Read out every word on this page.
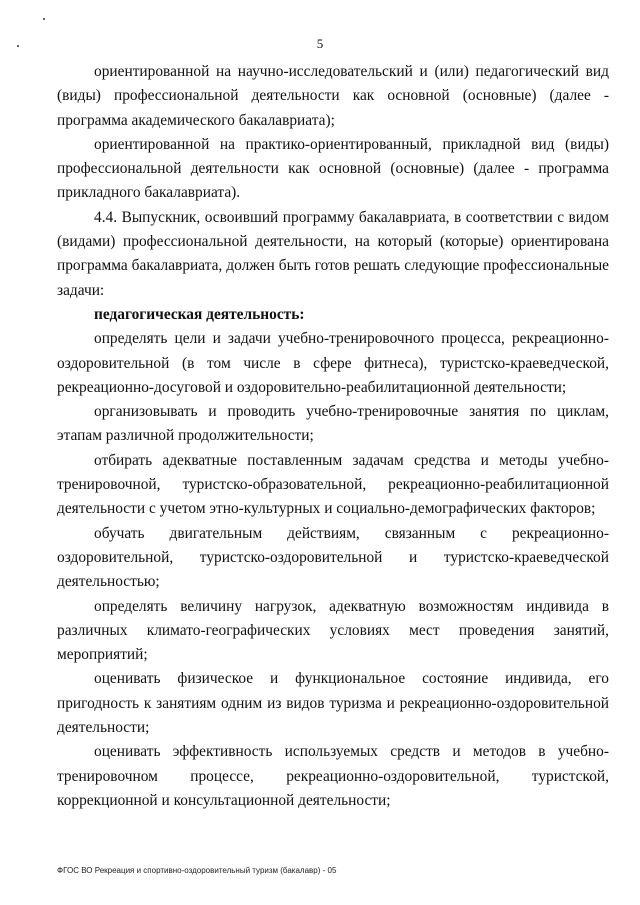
5

ориентированной на научно-исследовательский и (или) педагогический вид (виды) профессиональной деятельности как основной (основные) (далее - программа академического бакалавриата);

ориентированной на практико-ориентированный, прикладной вид (виды) профессиональной деятельности как основной (основные) (далее - программа прикладного бакалавриата).

4.4. Выпускник, освоивший программу бакалавриата, в соответствии с видом (видами) профессиональной деятельности, на который (которые) ориентирована программа бакалавриата, должен быть готов решать следующие профессиональные задачи:

педагогическая деятельность:

определять цели и задачи учебно-тренировочного процесса, рекреационно-оздоровительной (в том числе в сфере фитнеса), туристско-краеведческой, рекреационно-досуговой и оздоровительно-реабилитационной деятельности;

организовывать и проводить учебно-тренировочные занятия по циклам, этапам различной продолжительности;

отбирать адекватные поставленным задачам средства и методы учебно-тренировочной, туристско-образовательной, рекреационно-реабилитационной деятельности с учетом этно-культурных и социально-демографических факторов;

обучать двигательным действиям, связанным с рекреационно-оздоровительной, туристско-оздоровительной и туристско-краеведческой деятельностью;

определять величину нагрузок, адекватную возможностям индивида в различных климато-географических условиях мест проведения занятий, мероприятий;

оценивать физическое и функциональное состояние индивида, его пригодность к занятиям одним из видов туризма и рекреационно-оздоровительной деятельности;

оценивать эффективность используемых средств и методов в учебно-тренировочном процессе, рекреационно-оздоровительной, туристской, коррекционной и консультационной деятельности;

ФГОС ВО Рекреация и спортивно-оздоровительный туризм (бакалавр) - 05
